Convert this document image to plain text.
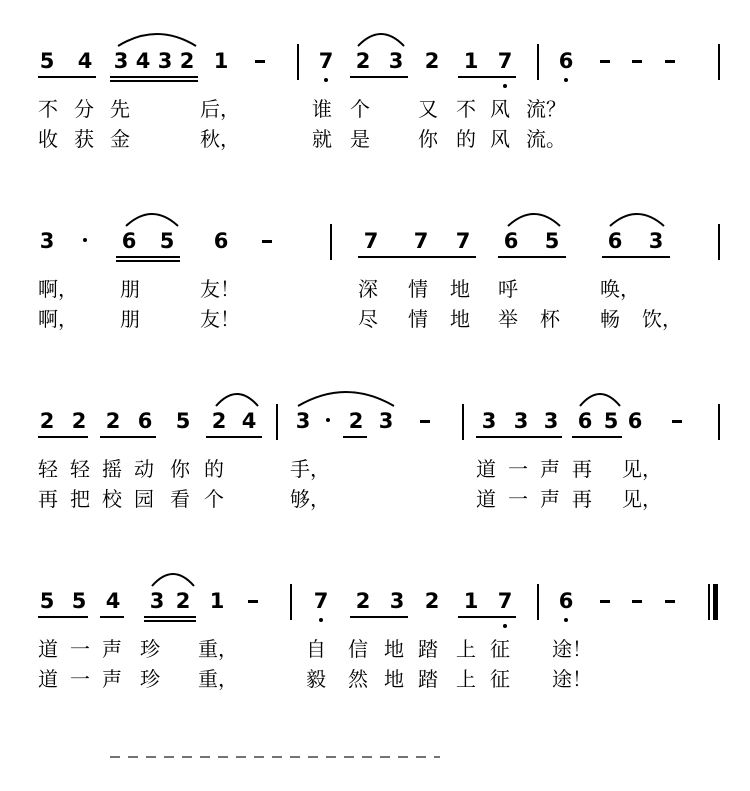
5 4 3 4 3 2 1	7 2 3 2 1 7 6
不 分 先	后，	谁 个 又 不 风 流？
收 获 金	秋，	就 是 你 的 风 流。
3	6 5 6	7 7 7 6 5 6 3
啊， 朋	友！	深 情 地 呼	唤，
啊， 朋	友！	尽 情 地 举 杯 畅 饮，
2 2 2 6 5 2 4 3 2 3	3 3 3 6 5 6
轻 轻 摇 动 你 的	手，	道 一 声 再 见，
再 把 校 园 看 个	够，	道 一 声 再 见，
5 5 4 3 2 1	7 2 3 2 1 7 6
道 一 声 珍 重，	自 信 地 踏 上 征 途！
道 一 声 珍 重，	毅 然 地 踏 上 征 途！
